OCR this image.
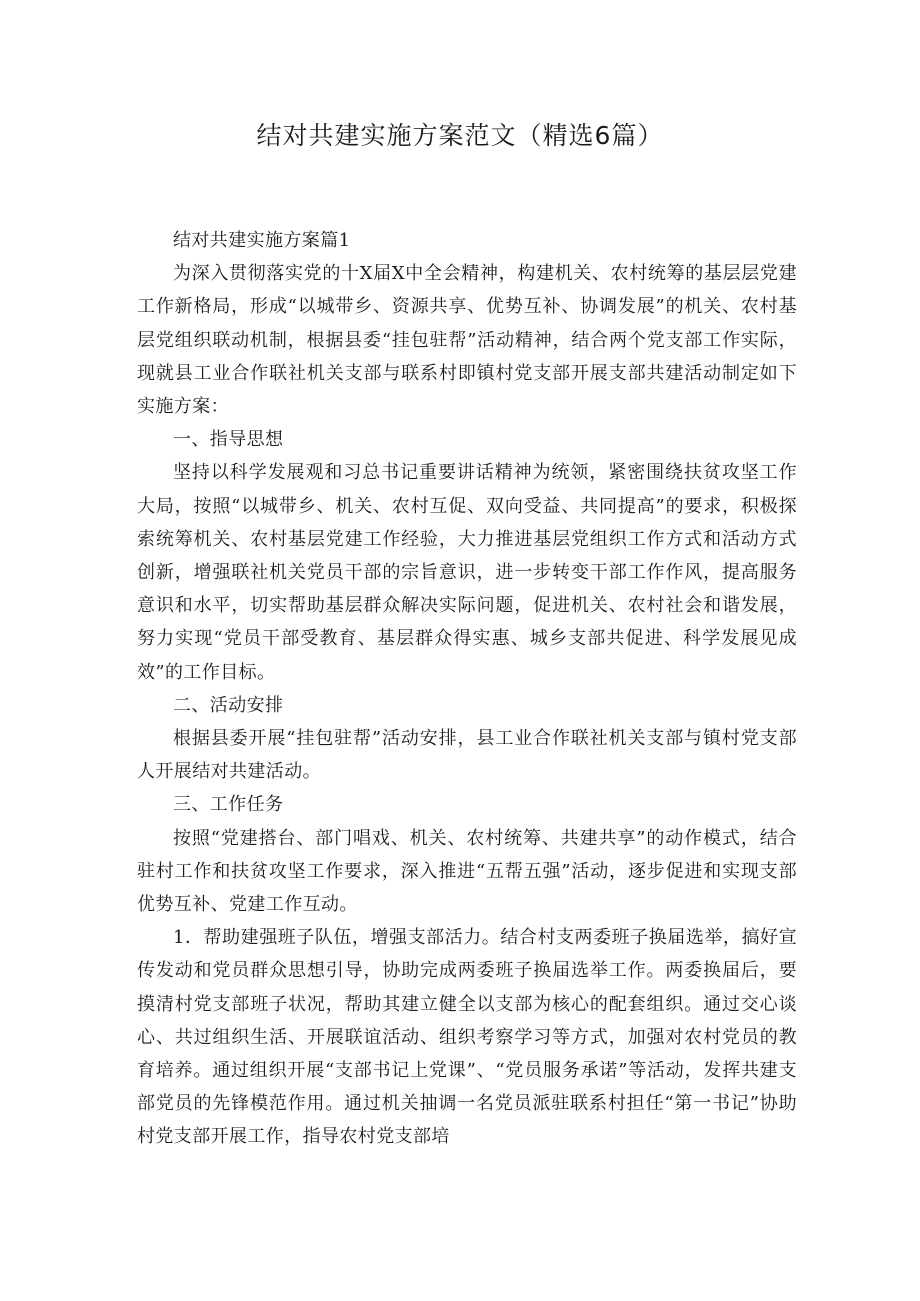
结对共建实施方案范文（精选6篇）

结对共建实施方案篇1

为深入贯彻落实党的十X届X中全会精神，构建机关、农村统筹的基层层党建工作新格局，形成“以城带乡、资源共享、优势互补、协调发展”的机关、农村基层党组织联动机制，根据县委“挂包驻帮”活动精神，结合两个党支部工作实际，现就县工业合作联社机关支部与联系村即镇村党支部开展支部共建活动制定如下实施方案：

一、指导思想

坚持以科学发展观和习总书记重要讲话精神为统领，紧密围绕扶贫攻坚工作大局，按照“以城带乡、机关、农村互促、双向受益、共同提高”的要求，积极探索统筹机关、农村基层党建工作经验，大力推进基层党组织工作方式和活动方式创新，增强联社机关党员干部的宗旨意识，进一步转变干部工作作风，提高服务意识和水平，切实帮助基层群众解决实际问题，促进机关、农村社会和谐发展，努力实现“党员干部受教育、基层群众得实惠、城乡支部共促进、科学发展见成效”的工作目标。

二、活动安排

根据县委开展“挂包驻帮”活动安排，县工业合作联社机关支部与镇村党支部人开展结对共建活动。

三、工作任务

按照“党建搭台、部门唱戏、机关、农村统筹、共建共享”的动作模式，结合驻村工作和扶贫攻坚工作要求，深入推进“五帮五强”活动，逐步促进和实现支部优势互补、党建工作互动。

1．帮助建强班子队伍，增强支部活力。结合村支两委班子换届选举，搞好宣传发动和党员群众思想引导，协助完成两委班子换届选举工作。两委换届后，要摸清村党支部班子状况，帮助其建立健全以支部为核心的配套组织。通过交心谈心、共过组织生活、开展联谊活动、组织考察学习等方式，加强对农村党员的教育培养。通过组织开展“支部书记上党课”、“党员服务承诺”等活动，发挥共建支部党员的先锋模范作用。通过机关抽调一名党员派驻联系村担任“第一书记”协助村党支部开展工作，指导农村党支部培
